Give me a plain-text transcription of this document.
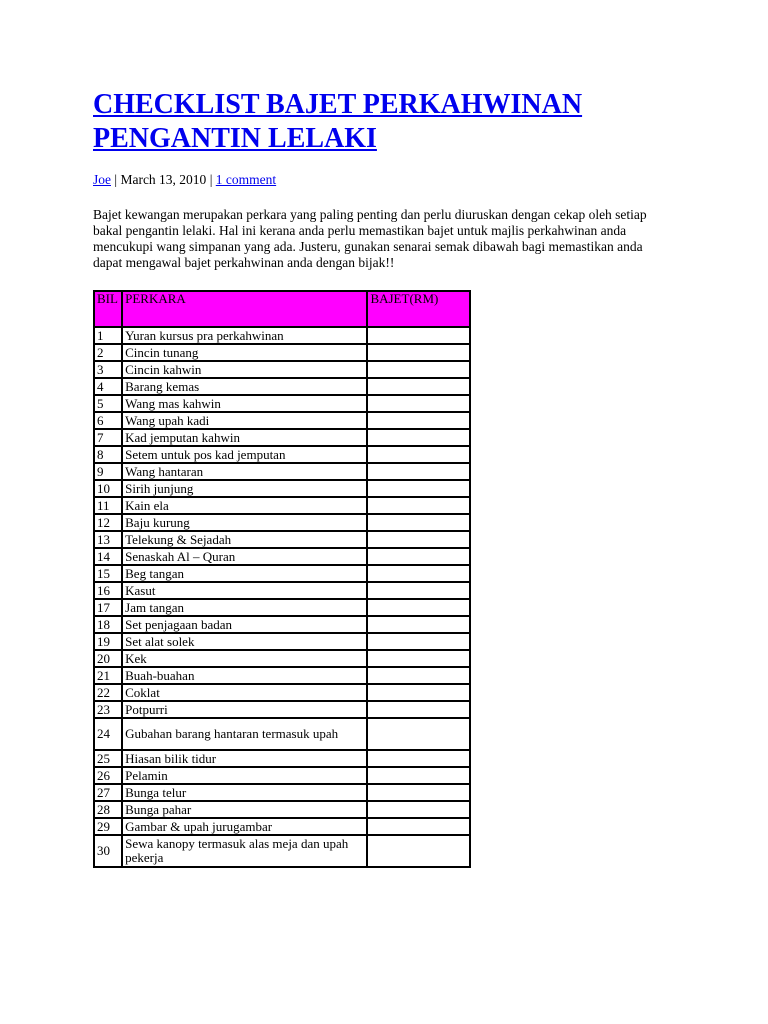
CHECKLIST BAJET PERKAHWINAN PENGANTIN LELAKI
Joe | March 13, 2010 | 1 comment

Bajet kewangan merupakan perkara yang paling penting dan perlu diuruskan dengan cekap oleh setiap bakal pengantin lelaki. Hal ini kerana anda perlu memastikan bajet untuk majlis perkahwinan anda mencukupi wang simpanan yang ada. Justeru, gunakan senarai semak dibawah bagi memastikan anda dapat mengawal bajet perkahwinan anda dengan bijak!!

BIL	PERKARA	BAJET(RM)
1	Yuran kursus pra perkahwinan	
2	Cincin tunang	
3	Cincin kahwin	
4	Barang kemas	
5	Wang mas kahwin	
6	Wang upah kadi	
7	Kad jemputan kahwin	
8	Setem untuk pos kad jemputan	
9	Wang hantaran	
10	Sirih junjung	
11	Kain ela	
12	Baju kurung	
13	Telekung & Sejadah	
14	Senaskah Al – Quran	
15	Beg tangan	
16	Kasut	
17	Jam tangan	
18	Set penjagaan badan	
19	Set alat solek	
20	Kek	
21	Buah-buahan	
22	Coklat	
23	Potpurri	
24	Gubahan barang hantaran termasuk upah	
25	Hiasan bilik tidur	
26	Pelamin	
27	Bunga telur	
28	Bunga pahar	
29	Gambar & upah jurugambar	
30	Sewa kanopy termasuk alas meja dan upah pekerja	
